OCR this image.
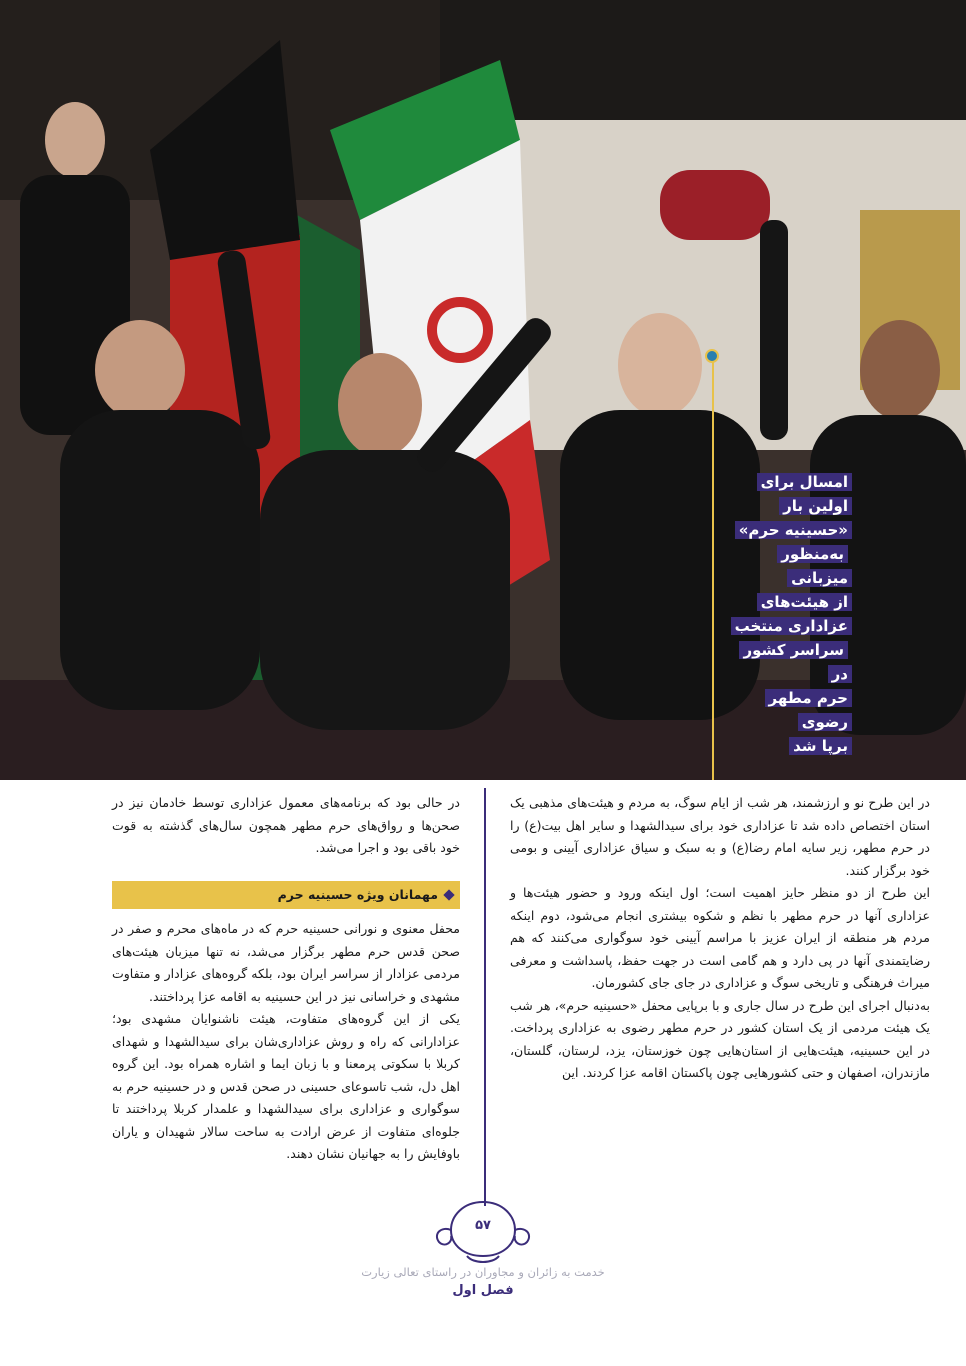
امسال برای
اولین بار
«حسینیه حرم»
به‌منظور میزبانی
از هیئت‌های
عزاداری منتخب
سراسر کشور در
حرم مطهر رضوی
برپا شد

در این طرح نو و ارزشمند، هر شب از ایام سوگ، به مردم و هیئت‌های مذهبی یک استان اختصاص داده شد تا عزاداری خود برای سیدالشهدا و سایر اهل بیت(ع) را در حرم مطهر، زیر سایه امام رضا(ع) و به سبک و سیاق عزاداری آیینی و بومی خود برگزار کنند.

این طرح از دو منظر حایز اهمیت است؛ اول اینکه ورود و حضور هیئت‌ها و عزاداری آنها در حرم مطهر با نظم و شکوه بیشتری انجام می‌شود، دوم اینکه مردم هر منطقه از ایران عزیز با مراسم آیینی خود سوگواری می‌کنند که هم رضایتمندی آنها در پی دارد و هم گامی است در جهت حفظ، پاسداشت و معرفی میراث فرهنگی و تاریخی سوگ و عزاداری در جای جای کشورمان.

به‌دنبال اجرای این طرح در سال جاری و با برپایی محفل «حسینیه حرم»، هر شب یک هیئت مردمی از یک استان کشور در حرم مطهر رضوی به عزاداری پرداخت. در این حسینیه، هیئت‌هایی از استان‌هایی چون خوزستان، یزد، لرستان، گلستان، مازندران، اصفهان و حتی کشورهایی چون پاکستان اقامه عزا کردند. این

در حالی بود که برنامه‌های معمول عزاداری توسط خادمان نیز در صحن‌ها و رواق‌های حرم مطهر همچون سال‌های گذشته به قوت خود باقی بود و اجرا می‌شد.

مهمانان ویژه حسینیه حرم

محفل معنوی و نورانی حسینیه حرم که در ماه‌های محرم و صفر در صحن قدس حرم مطهر برگزار می‌شد، نه تنها میزبان هیئت‌های مردمی عزادار از سراسر ایران بود، بلکه گروه‌های عزادار و متفاوت مشهدی و خراسانی نیز در این حسینیه به اقامه عزا پرداختند.

یکی از این گروه‌های متفاوت، هیئت ناشنوایان مشهدی بود؛ عزادارانی که راه و روش عزاداری‌شان برای سیدالشهدا و شهدای کربلا با سکوتی پرمعنا و با زبان ایما و اشاره همراه بود. این گروه اهل دل، شب تاسوعای حسینی در صحن قدس و در حسینیه حرم به سوگواری و عزاداری برای سیدالشهدا و علمدار کربلا پرداختند تا جلوه‌ای متفاوت از عرض ارادت به ساحت سالار شهیدان و یاران باوفایش را به جهانیان نشان دهند.

۵۷
خدمت به زائران و مجاوران در راستای تعالی زیارت
فصل اول
